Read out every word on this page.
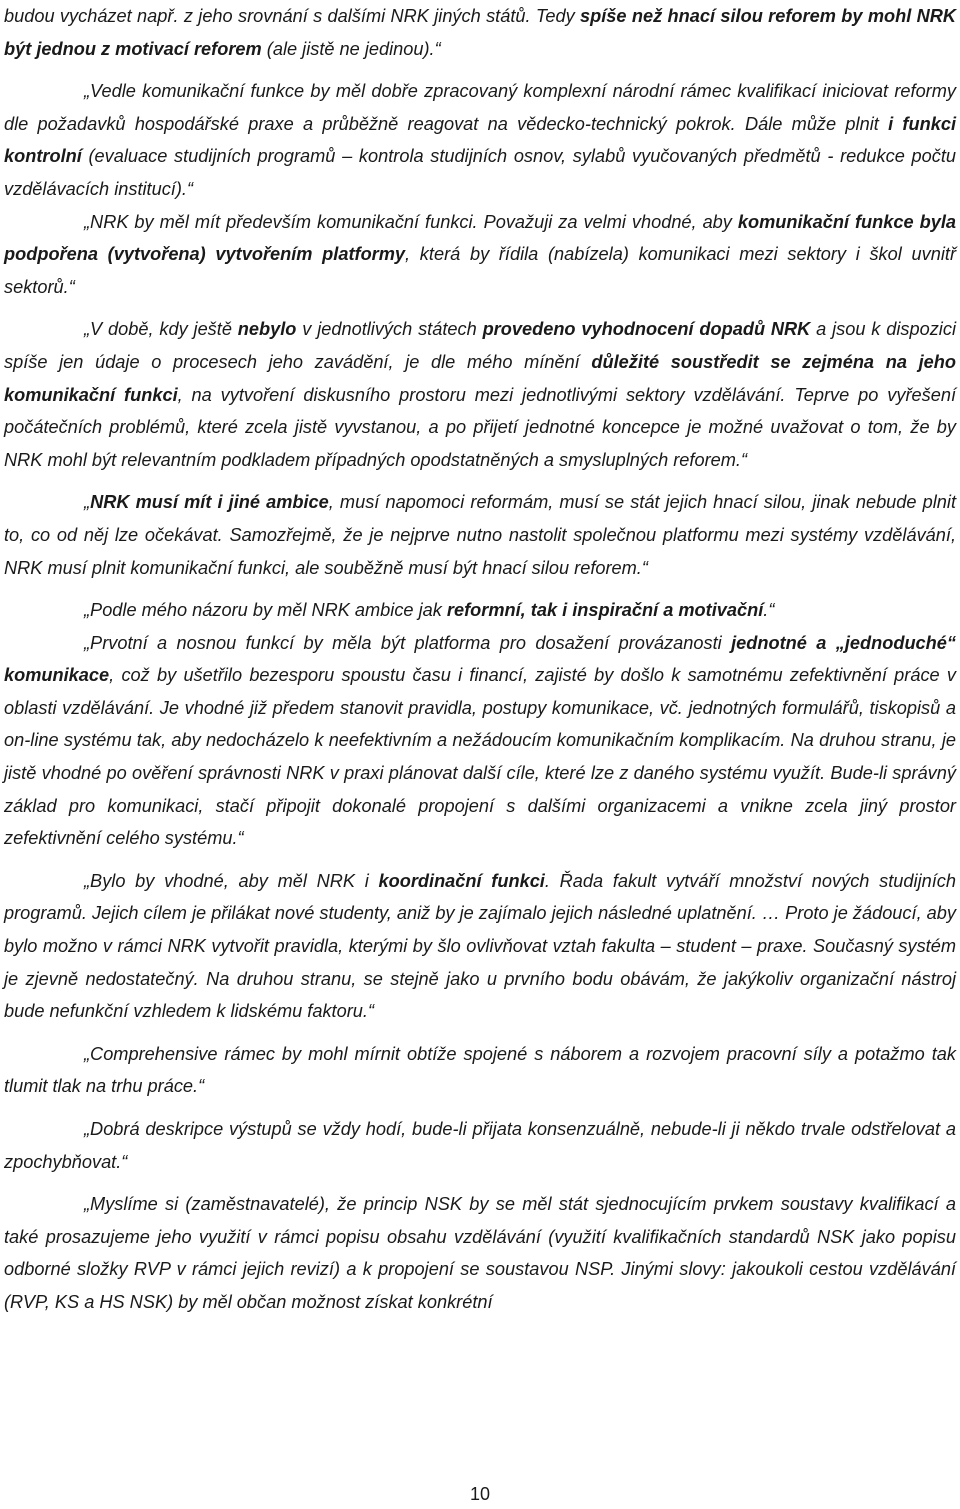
budou vycházet např. z jeho srovnání s dalšími NRK jiných států. Tedy spíše než hnací silou reforem by mohl NRK být jednou z motivací reforem (ale jistě ne jedinou).“

„Vedle komunikační funkce by měl dobře zpracovaný komplexní národní rámec kvalifikací iniciovat reformy dle požadavků hospodářské praxe a průběžně reagovat na vědecko-technický pokrok. Dále může plnit i funkci kontrolní (evaluace studijních programů – kontrola studijních osnov, sylabů vyučovaných předmětů - redukce počtu vzdělávacích institucí).“

„NRK by měl mít především komunikační funkci. Považuji za velmi vhodné, aby komunikační funkce byla podpořena (vytvořena) vytvořením platformy, která by řídila (nabízela) komunikaci mezi sektory i škol uvnitř sektorů.“

„V době, kdy ještě nebylo v jednotlivých státech provedeno vyhodnocení dopadů NRK a jsou k dispozici spíše jen údaje o procesech jeho zavádění, je dle mého mínění důležité soustředit se zejména na jeho komunikační funkci, na vytvoření diskusního prostoru mezi jednotlivými sektory vzdělávání. Teprve po vyřešení počátečních problémů, které zcela jistě vyvstanou, a po přijetí jednotné koncepce je možné uvažovat o tom, že by NRK mohl být relevantním podkladem případných opodstatněných a smysluplných reforem.“

„NRK musí mít i jiné ambice, musí napomoci reformám, musí se stát jejich hnací silou, jinak nebude plnit to, co od něj lze očekávat. Samozřejmě, že je nejprve nutno nastolit společnou platformu mezi systémy vzdělávání, NRK musí plnit komunikační funkci, ale souběžně musí být hnací silou reforem.“

„Podle mého názoru by měl NRK ambice jak reformní, tak i inspirační a motivační.“

„Prvotní a nosnou funkcí by měla být platforma pro dosažení provázanosti jednotné a „jednoduché“ komunikace, což by ušetřilo bezesporu spoustu času i financí, zajisté by došlo k samotnému zefektivnění práce v oblasti vzdělávání. Je vhodné již předem stanovit pravidla, postupy komunikace, vč. jednotných formulářů, tiskopisů a on-line systému tak, aby nedocházelo k neefektivním a nežádoucím komunikačním komplikacím. Na druhou stranu, je jistě vhodné po ověření správnosti NRK v praxi plánovat další cíle, které lze z daného systému využít. Bude-li správný základ pro komunikaci, stačí připojit dokonalé propojení s dalšími organizacemi a vnikne zcela jiný prostor zefektivnění celého systému.“

„Bylo by vhodné, aby měl NRK i koordinační funkci. Řada fakult vytváří množství nových studijních programů. Jejich cílem je přilákat nové studenty, aniž by je zajímalo jejich následné uplatnění. … Proto je žádoucí, aby bylo možno v rámci NRK vytvořit pravidla, kterými by šlo ovlivňovat vztah fakulta – student – praxe. Současný systém je zjevně nedostatečný. Na druhou stranu, se stejně jako u prvního bodu obávám, že jakýkoliv organizační nástroj bude nefunkční vzhledem k lidskému faktoru.“

„Comprehensive rámec by mohl mírnit obtíže spojené s náborem a rozvojem pracovní síly a potažmo tak tlumit tlak na trhu práce.“

„Dobrá deskripce výstupů se vždy hodí, bude-li přijata konsenzuálně, nebude-li ji někdo trvale odstřelovat a zpochybňovat.“

„Myslíme si (zaměstnavatelé), že princip NSK by se měl stát sjednocujícím prvkem soustavy kvalifikací a také prosazujeme jeho využití v rámci popisu obsahu vzdělávání (využití kvalifikačních standardů NSK jako popisu odborné složky RVP v rámci jejich revizí) a k propojení se soustavou NSP. Jinými slovy: jakoukoli cestou vzdělávání (RVP, KS a HS NSK) by měl občan možnost získat konkrétní

10
